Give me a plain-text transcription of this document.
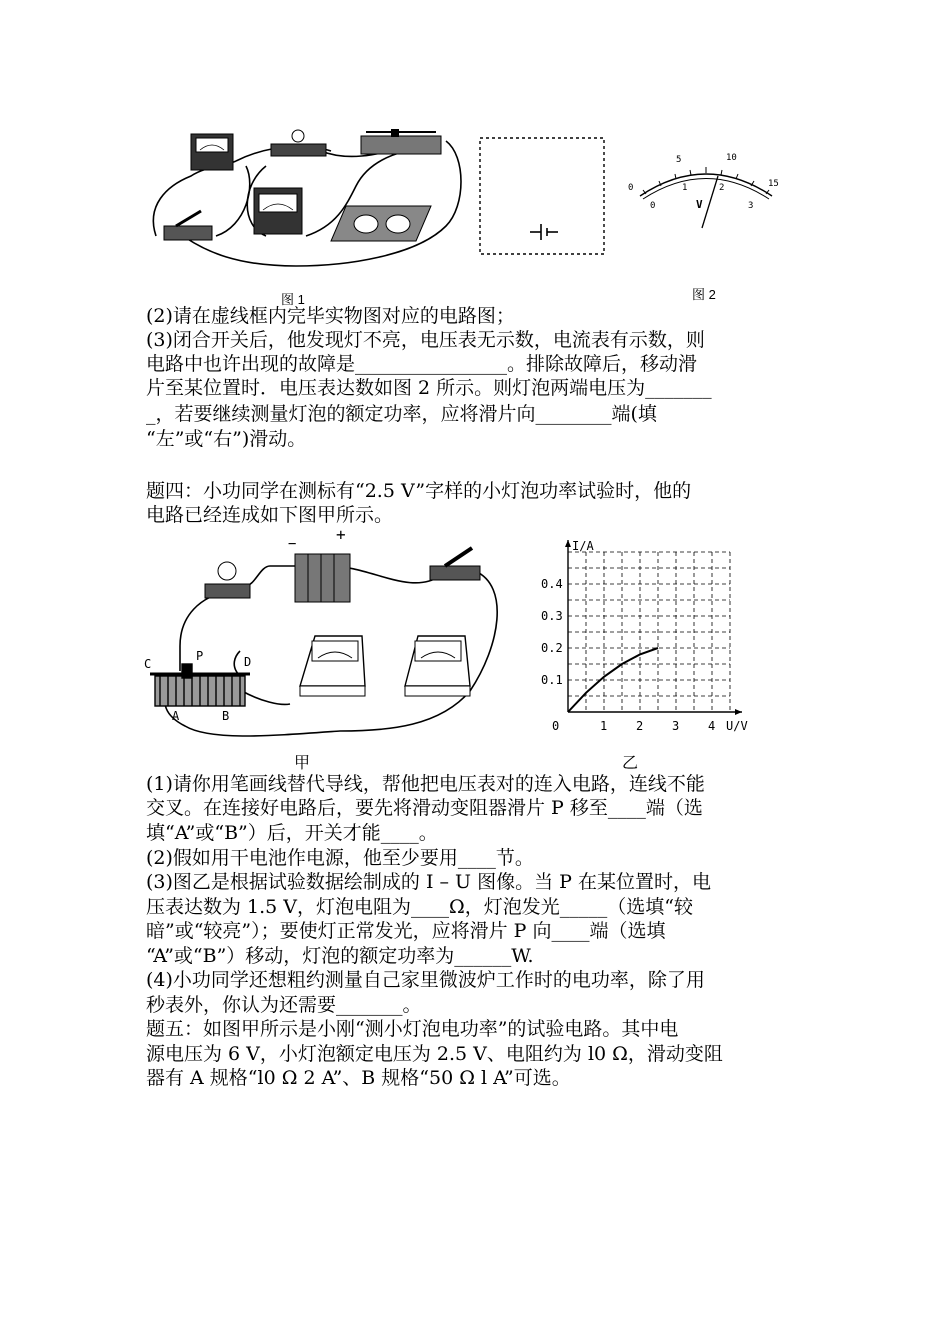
图 1
0
5	10
15
0
1	2
3
V
图 2
(2)请在虚线框内完毕实物图对应的电路图；
(3)闭合开关后，他发现灯不亮，电压表无示数，电流表有示数，则
电路中也许出现的故障是________________。排除故障后，移动滑
片至某位置时．电压表达数如图 2 所示。则灯泡两端电压为_______
_，若要继续测量灯泡的额定功率，应将滑片向________端(填
“左”或“右”)滑动。
题四：小功同学在测标有“2.5 V”字样的小灯泡功率试验时，他的
电路已经连成如下图甲所示。
− +
C
P	D
A	B
甲
I/A
U/V
0	1 2 3 4
0.1
0.2
0.3
0.4
乙
(1)请你用笔画线替代导线，帮他把电压表对的连入电路，连线不能
交叉。在连接好电路后，要先将滑动变阻器滑片 P 移至____端（选
填“A”或“B”）后，开关才能____。
(2)假如用干电池作电源，他至少要用____节。
(3)图乙是根据试验数据绘制成的 I – U 图像。当 P 在某位置时，电
压表达数为 1.5 V，灯泡电阻为____Ω，灯泡发光_____（选填“较
暗”或“较亮”）；要使灯正常发光，应将滑片 P 向____端（选填
“A”或“B”）移动，灯泡的额定功率为______W.
(4)小功同学还想粗约测量自己家里微波炉工作时的电功率，除了用
秒表外，你认为还需要_______。
题五：如图甲所示是小刚“测小灯泡电功率”的试验电路。其中电
源电压为 6 V，小灯泡额定电压为 2.5 V、电阻约为 l0 Ω，滑动变阻
器有 A 规格“l0 Ω 2 A”、B 规格“50 Ω l A”可选。
